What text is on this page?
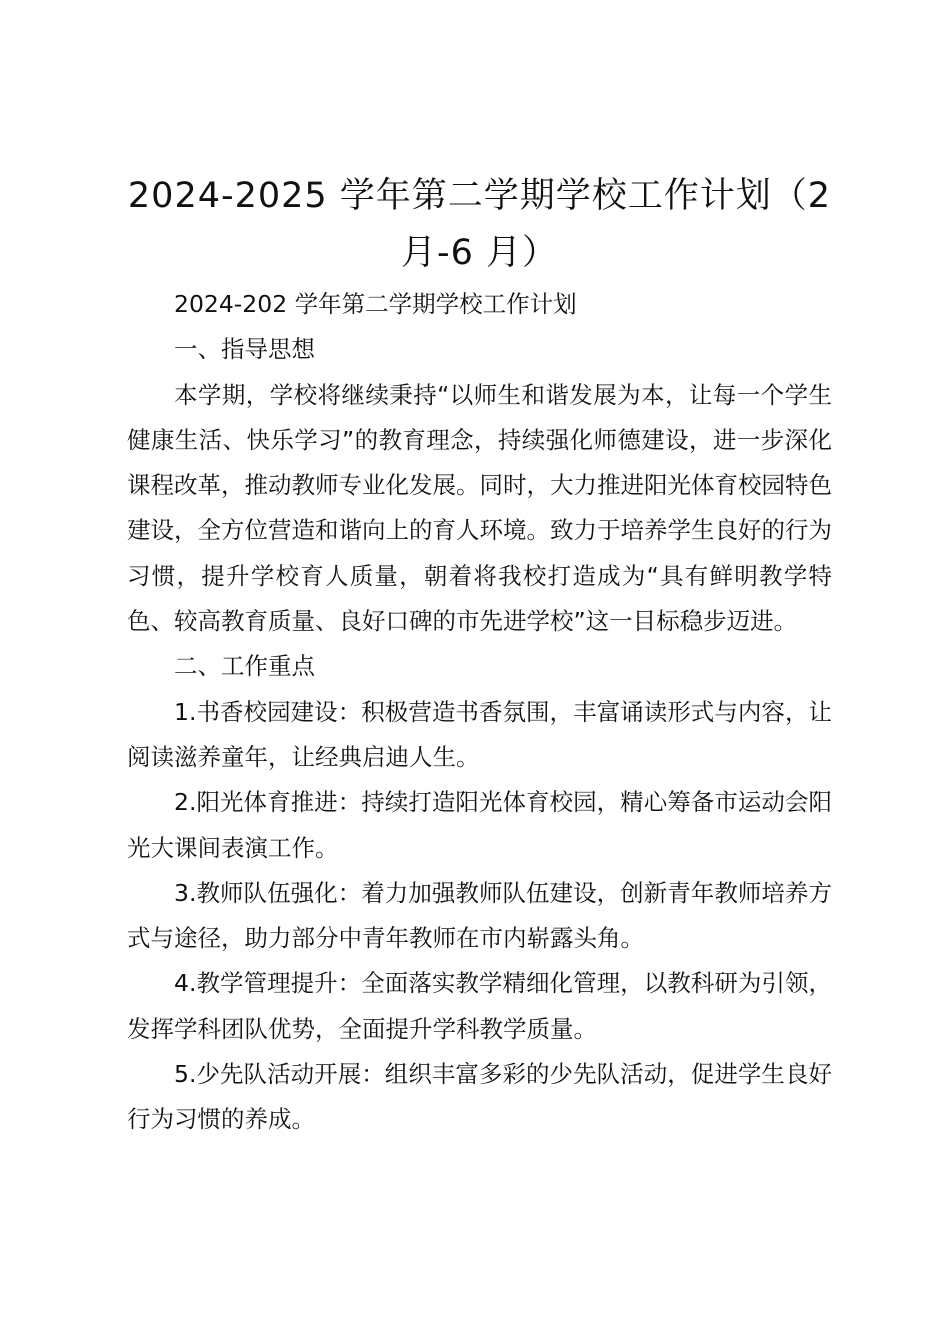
2024-2025 学年第二学期学校工作计划（2 月-6 月）

2024-202 学年第二学期学校工作计划

一、指导思想

本学期，学校将继续秉持“以师生和谐发展为本，让每一个学生健康生活、快乐学习”的教育理念，持续强化师德建设，进一步深化课程改革，推动教师专业化发展。同时，大力推进阳光体育校园特色建设，全方位营造和谐向上的育人环境。致力于培养学生良好的行为习惯，提升学校育人质量，朝着将我校打造成为“具有鲜明教学特色、较高教育质量、良好口碑的市先进学校”这一目标稳步迈进。

二、工作重点

1.书香校园建设：积极营造书香氛围，丰富诵读形式与内容，让阅读滋养童年，让经典启迪人生。

2.阳光体育推进：持续打造阳光体育校园，精心筹备市运动会阳光大课间表演工作。

3.教师队伍强化：着力加强教师队伍建设，创新青年教师培养方式与途径，助力部分中青年教师在市内崭露头角。

4.教学管理提升：全面落实教学精细化管理，以教科研为引领，发挥学科团队优势，全面提升学科教学质量。

5.少先队活动开展：组织丰富多彩的少先队活动，促进学生良好行为习惯的养成。
